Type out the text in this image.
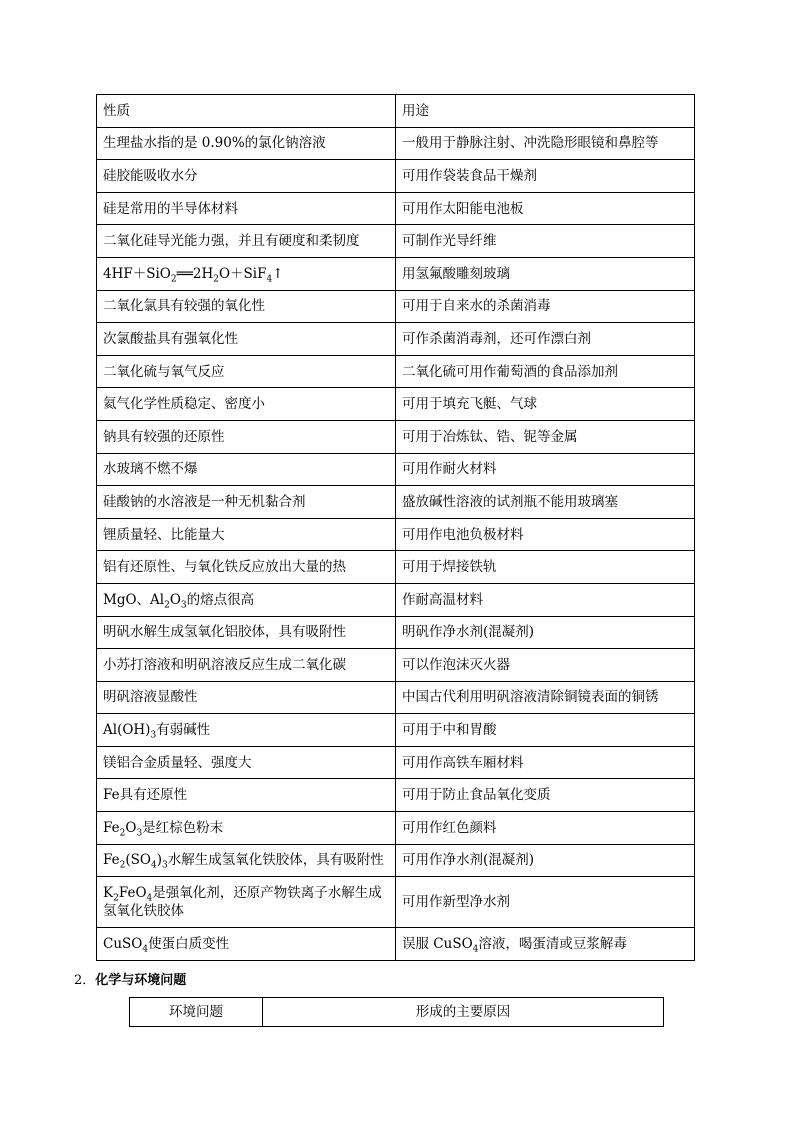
性质	用途
生理盐水指的是 0.90%的氯化钠溶液	一般用于静脉注射、冲洗隐形眼镜和鼻腔等
硅胶能吸收水分	可用作袋装食品干燥剂
硅是常用的半导体材料	可用作太阳能电池板
二氧化硅导光能力强，并且有硬度和柔韧度	可制作光导纤维
$4HF+SiO_2══2H_2O+SiF_4↑$	用氢氟酸雕刻玻璃
二氧化氯具有较强的氧化性	可用于自来水的杀菌消毒
次氯酸盐具有强氧化性	可作杀菌消毒剂，还可作漂白剂
二氧化硫与氧气反应	二氧化硫可用作葡萄酒的食品添加剂
氦气化学性质稳定、密度小	可用于填充飞艇、气球
钠具有较强的还原性	可用于冶炼钛、锆、铌等金属
水玻璃不燃不爆	可用作耐火材料
硅酸钠的水溶液是一种无机黏合剂	盛放碱性溶液的试剂瓶不能用玻璃塞
锂质量轻、比能量大	可用作电池负极材料
铝有还原性、与氧化铁反应放出大量的热	可用于焊接铁轨
MgO、$Al_2O_3$的熔点很高	作耐高温材料
明矾水解生成氢氧化铝胶体，具有吸附性	明矾作净水剂(混凝剂)
小苏打溶液和明矾溶液反应生成二氧化碳	可以作泡沫灭火器
明矾溶液显酸性	中国古代利用明矾溶液清除铜镜表面的铜锈
$Al(OH)_3$有弱碱性	可用于中和胃酸
镁铝合金质量轻、强度大	可用作高铁车厢材料
Fe具有还原性	可用于防止食品氧化变质
$Fe_2O_3$是红棕色粉末	可用作红色颜料
$Fe_2(SO_4)_3$水解生成氢氧化铁胶体，具有吸附性	可用作净水剂(混凝剂)
$K_2FeO_4$是强氧化剂，还原产物铁离子水解生成氢氧化铁胶体	可用作新型净水剂
CuSO$_4$使蛋白质变性	误服 CuSO$_4$溶液，喝蛋清或豆浆解毒

2．化学与环境问题

环境问题	形成的主要原因
